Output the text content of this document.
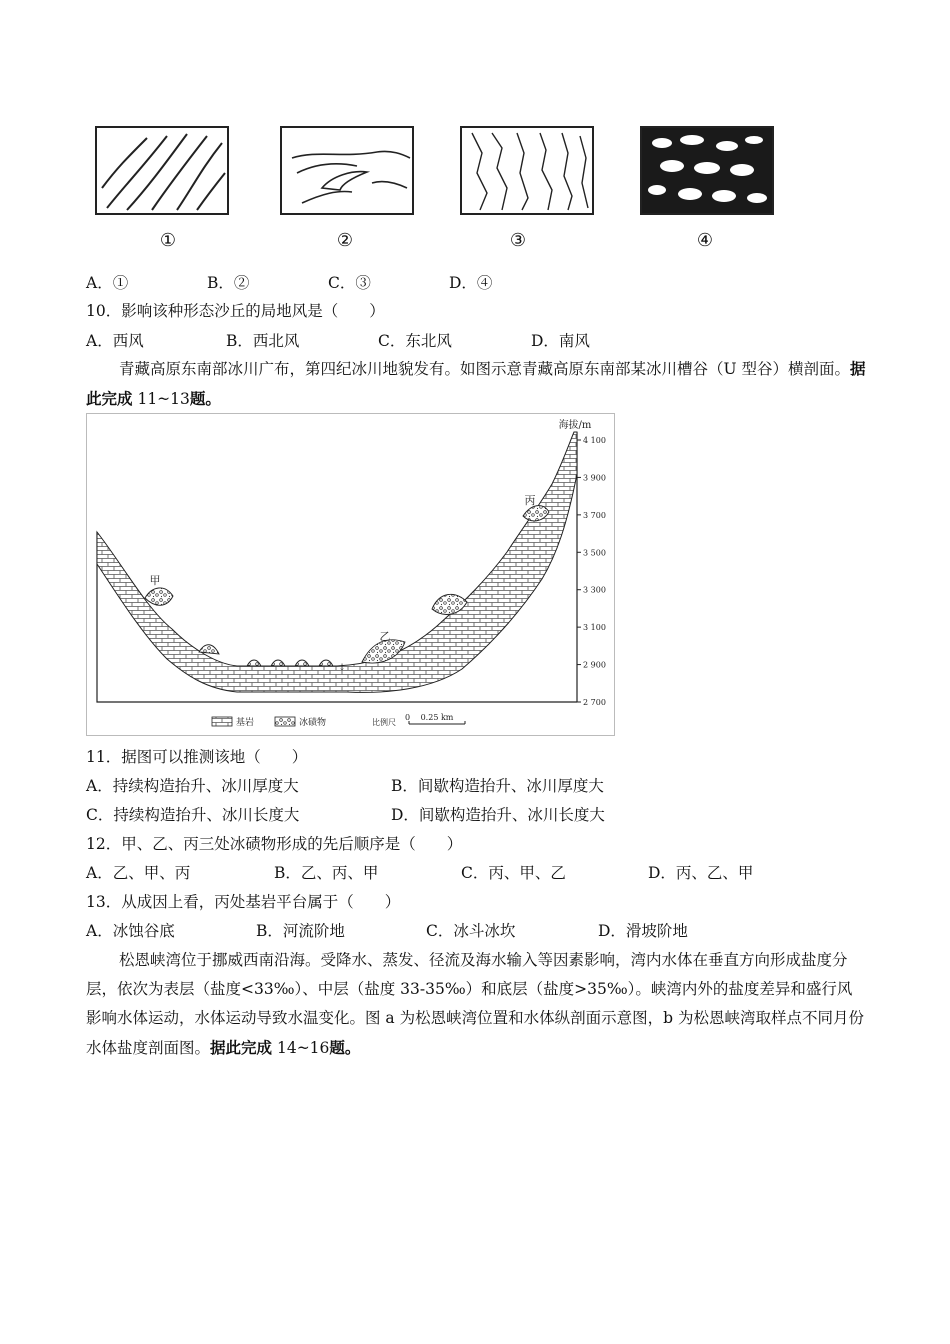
①	②	③	④
A．①	B．②	C．③	D．④
10．影响该种形态沙丘的局地风是（　　）
A．西风	B．西北风	C．东北风	D．南风
青藏高原东南部冰川广布，第四纪冰川地貌发有。如图示意青藏高原东南部某冰川槽谷（U 型谷）横剖面。据此完成 11~13题。
↓
甲
乙
丙
海拔/m
4 100
3 900
3 700
3 500
3 300
3 100
2 900
2 700
基岩	冰碛物	比例尺
0 0.25 km
11．据图可以推测该地（　　）
A．持续构造抬升、冰川厚度大	B．间歇构造抬升、冰川厚度大
C．持续构造抬升、冰川长度大	D．间歇构造抬升、冰川长度大
12．甲、乙、丙三处冰碛物形成的先后顺序是（　　）
A．乙、甲、丙	B．乙、丙、甲	C．丙、甲、乙	D．丙、乙、甲
13．从成因上看，丙处基岩平台属于（　　）
A．冰蚀谷底	B．河流阶地	C．冰斗冰坎	D．滑坡阶地
松恩峡湾位于挪威西南沿海。受降水、蒸发、径流及海水输入等因素影响，湾内水体在垂直方向形成盐度分层，依次为表层（盐度<33‰）、中层（盐度 33-35‰）和底层（盐度>35‰）。峡湾内外的盐度差异和盛行风影响水体运动，水体运动导致水温变化。图 a 为松恩峡湾位置和水体纵剖面示意图，b 为松恩峡湾取样点不同月份水体盐度剖面图。据此完成 14~16题。
